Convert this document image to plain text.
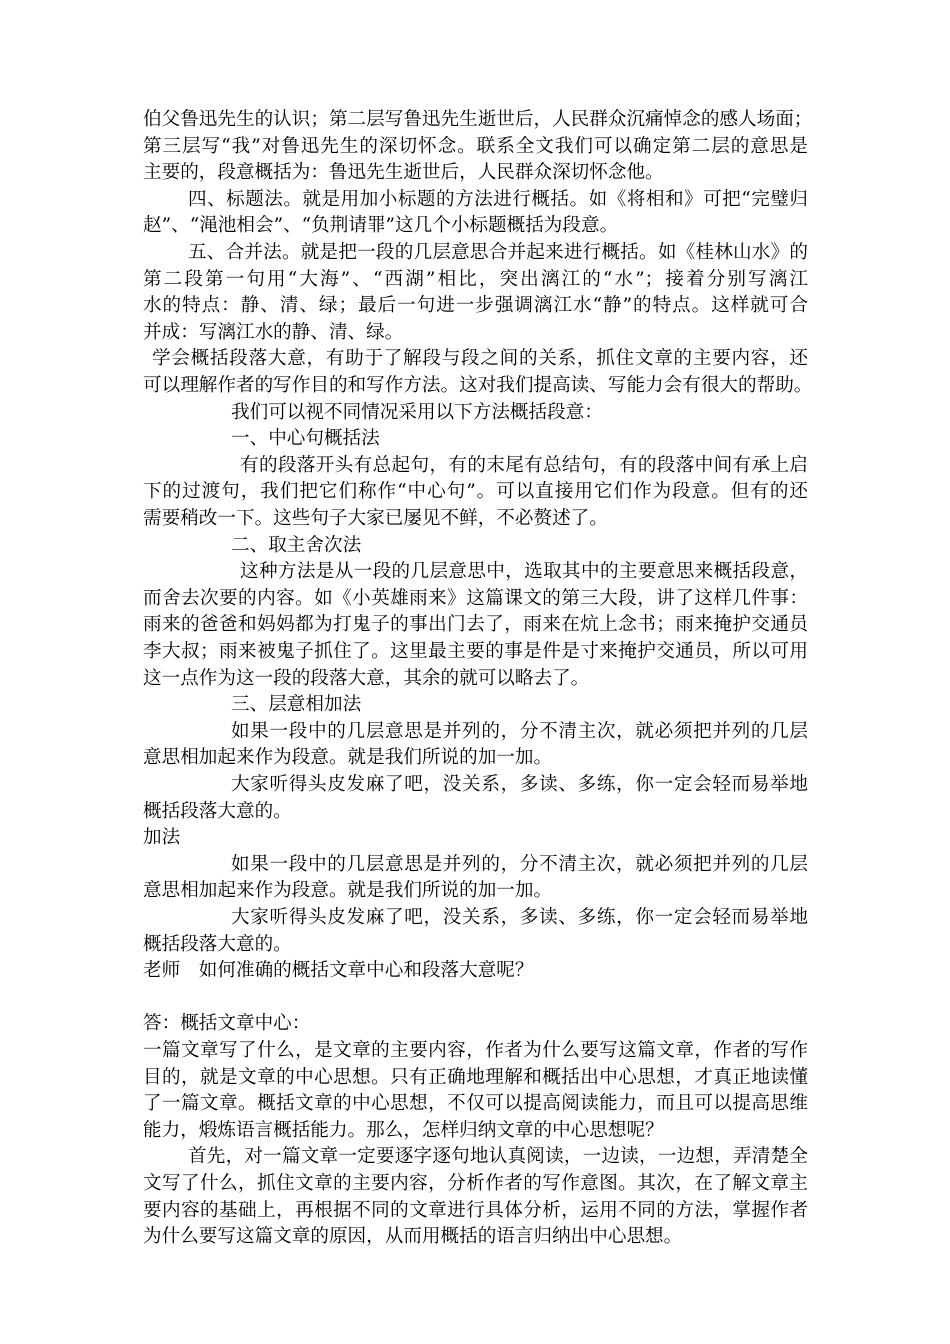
伯父鲁迅先生的认识；第二层写鲁迅先生逝世后，人民群众沉痛悼念的感人场面；
第三层写“我”对鲁迅先生的深切怀念。联系全文我们可以确定第二层的意思是
主要的，段意概括为：鲁迅先生逝世后，人民群众深切怀念他。
四、标题法。就是用加小标题的方法进行概括。如《将相和》可把“完璧归
赵”、“渑池相会”、“负荆请罪”这几个小标题概括为段意。
五、合并法。就是把一段的几层意思合并起来进行概括。如《桂林山水》的
第二段第一句用“大海”、“西湖”相比，突出漓江的“水”；接着分别写漓江
水的特点：静、清、绿；最后一句进一步强调漓江水“静”的特点。这样就可合
并成：写漓江水的静、清、绿。
学会概括段落大意，有助于了解段与段之间的关系，抓住文章的主要内容，还
可以理解作者的写作目的和写作方法。这对我们提高读、写能力会有很大的帮助。
我们可以视不同情况采用以下方法概括段意：
一、中心句概括法
有的段落开头有总起句，有的末尾有总结句，有的段落中间有承上启
下的过渡句，我们把它们称作“中心句”。可以直接用它们作为段意。但有的还
需要稍改一下。这些句子大家已屡见不鲜，不必赘述了。
二、取主舍次法
这种方法是从一段的几层意思中，选取其中的主要意思来概括段意，
而舍去次要的内容。如《小英雄雨来》这篇课文的第三大段，讲了这样几件事：
雨来的爸爸和妈妈都为打鬼子的事出门去了，雨来在炕上念书；雨来掩护交通员
李大叔；雨来被鬼子抓住了。这里最主要的事是件是寸来掩护交通员，所以可用
这一点作为这一段的段落大意，其余的就可以略去了。
三、层意相加法
如果一段中的几层意思是并列的，分不清主次，就必须把并列的几层
意思相加起来作为段意。就是我们所说的加一加。
大家听得头皮发麻了吧，没关系，多读、多练，你一定会轻而易举地
概括段落大意的。
加法
如果一段中的几层意思是并列的，分不清主次，就必须把并列的几层
意思相加起来作为段意。就是我们所说的加一加。
大家听得头皮发麻了吧，没关系，多读、多练，你一定会轻而易举地
概括段落大意的。
老师　如何准确的概括文章中心和段落大意呢？
答：概括文章中心：
一篇文章写了什么，是文章的主要内容，作者为什么要写这篇文章，作者的写作
目的，就是文章的中心思想。只有正确地理解和概括出中心思想，才真正地读懂
了一篇文章。概括文章的中心思想，不仅可以提高阅读能力，而且可以提高思维
能力，煅炼语言概括能力。那么，怎样归纳文章的中心思想呢？
首先，对一篇文章一定要逐字逐句地认真阅读，一边读，一边想，弄清楚全
文写了什么，抓住文章的主要内容，分析作者的写作意图。其次，在了解文章主
要内容的基础上，再根据不同的文章进行具体分析，运用不同的方法，掌握作者
为什么要写这篇文章的原因，从而用概括的语言归纳出中心思想。
